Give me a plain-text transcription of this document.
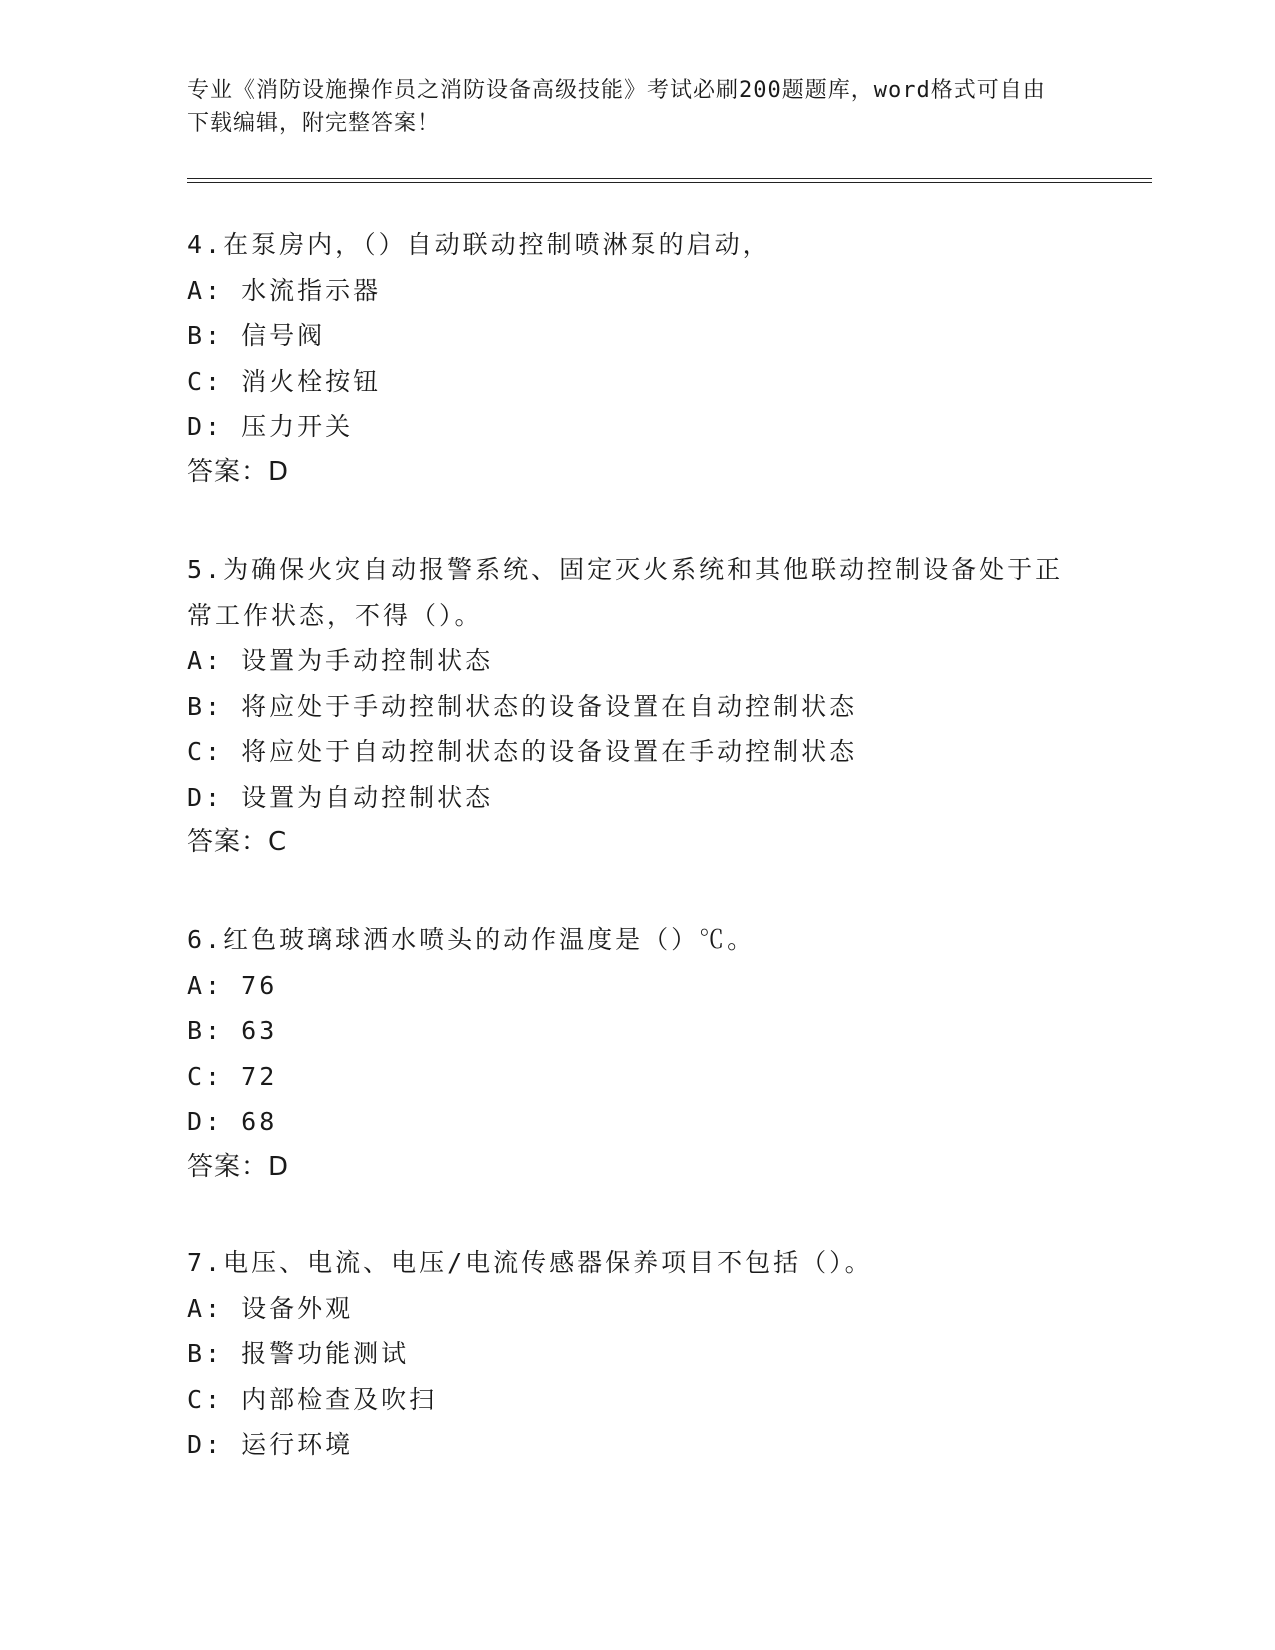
专业《消防设施操作员之消防设备高级技能》考试必刷200题题库，word格式可自由下载编辑，附完整答案！
4.在泵房内，（）自动联动控制喷淋泵的启动，
A: 水流指示器
B: 信号阀
C: 消火栓按钮
D: 压力开关
答案：D
5.为确保火灾自动报警系统、固定灭火系统和其他联动控制设备处于正常工作状态，不得（）。
A: 设置为手动控制状态
B: 将应处于手动控制状态的设备设置在自动控制状态
C: 将应处于自动控制状态的设备设置在手动控制状态
D: 设置为自动控制状态
答案：C
6.红色玻璃球洒水喷头的动作温度是（）℃。
A: 76
B: 63
C: 72
D: 68
答案：D
7.电压、电流、电压/电流传感器保养项目不包括（）。
A: 设备外观
B: 报警功能测试
C: 内部检查及吹扫
D: 运行环境
